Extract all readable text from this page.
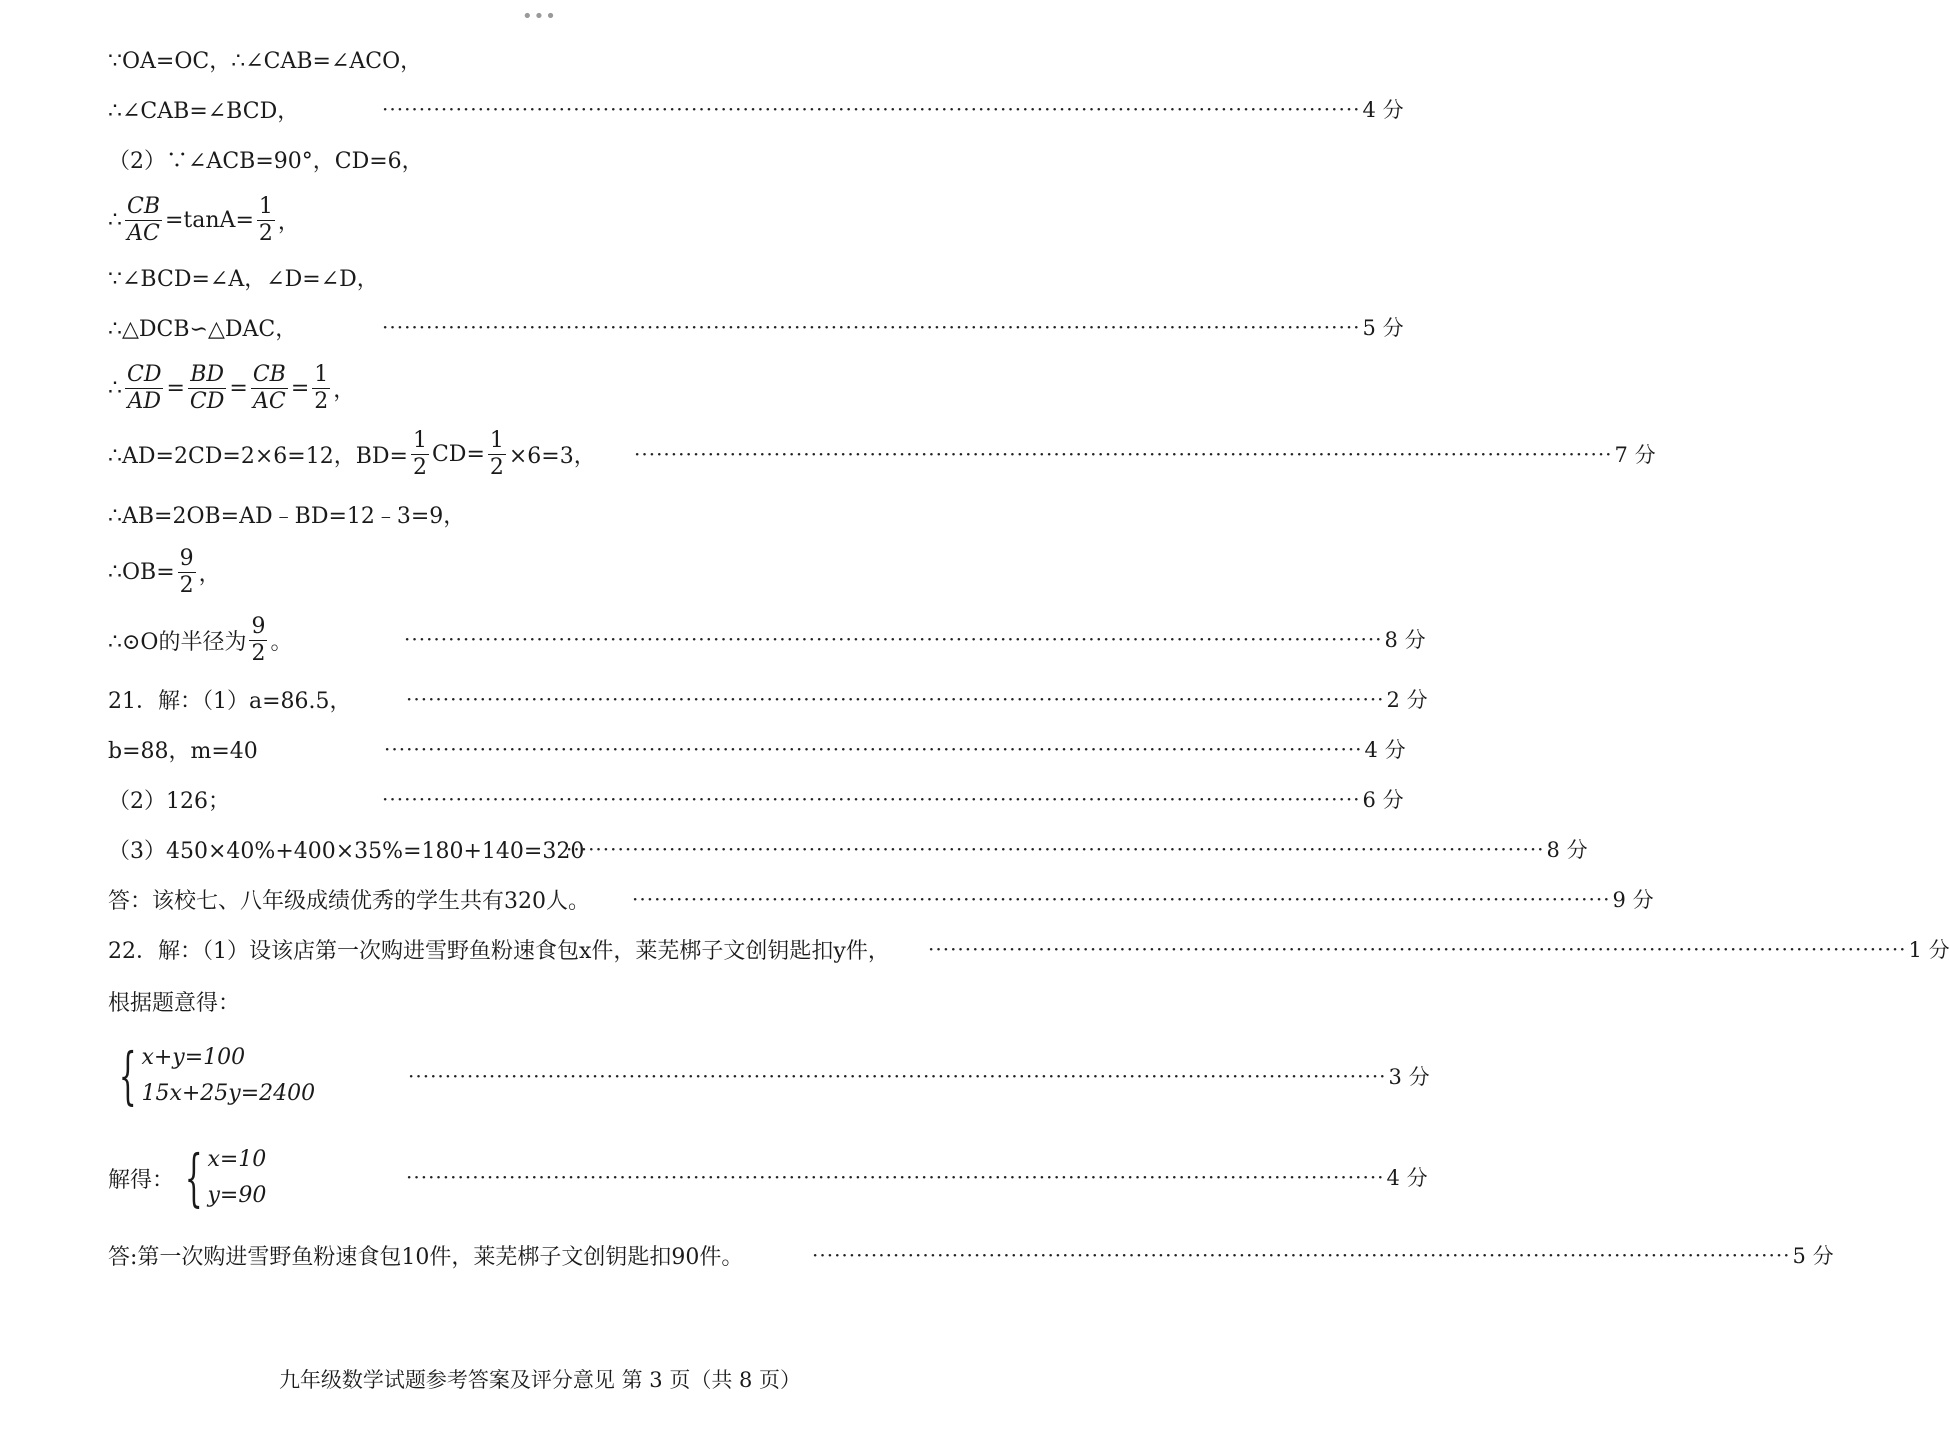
•••
∵OA=OC，∴∠CAB=∠ACO，
∴∠CAB=∠BCD，	····································································································································· 4 分
（2）∵∠ACB=90°，CD=6，
∴ $\frac{CB}{AC} =\tan A= \frac{1}{2}$ ，
∵∠BCD=∠A，∠D=∠D，
∴△DCB∽△DAC，	····································································································································· 5 分
∴ $\frac{CD}{AD} = \frac{BD}{CD} = \frac{CB}{AC} = \frac{1}{2}$ ，
∴AD=2CD=2×6=12，$BD= \frac{1}{2} CD= \frac{1}{2} \times 6=3$， ····································································································································· 7 分
∴AB=2OB=AD﹣BD=12﹣3=9，
∴OB= $\frac{9}{2}$ ，
∴⊙O的半径为 $\frac{9}{2}$ 。	····································································································································· 8 分
21．解：（1）a=86.5，	····································································································································· 2 分
b=88，m=40	····································································································································· 4 分
（2）126；	····································································································································· 6 分
（3）450×40%+400×35%=180+140=320
····································································································································· 8 分
答：该校七、八年级成绩优秀的学生共有320人。 ····································································································································· 9 分
22．解：（1）设该店第一次购进雪野鱼粉速食包x件，莱芜梆子文创钥匙扣y件， ····································································································································· 1 分
根据题意得：
{ x+y=100
15x+25y=2400
····································································································································· 3 分
解得： { x=10
y=90
····································································································································· 4 分
答:第一次购进雪野鱼粉速食包10件，莱芜梆子文创钥匙扣90件。	····································································································································· 5 分
九年级数学试题参考答案及评分意见 第 3 页（共 8 页）
